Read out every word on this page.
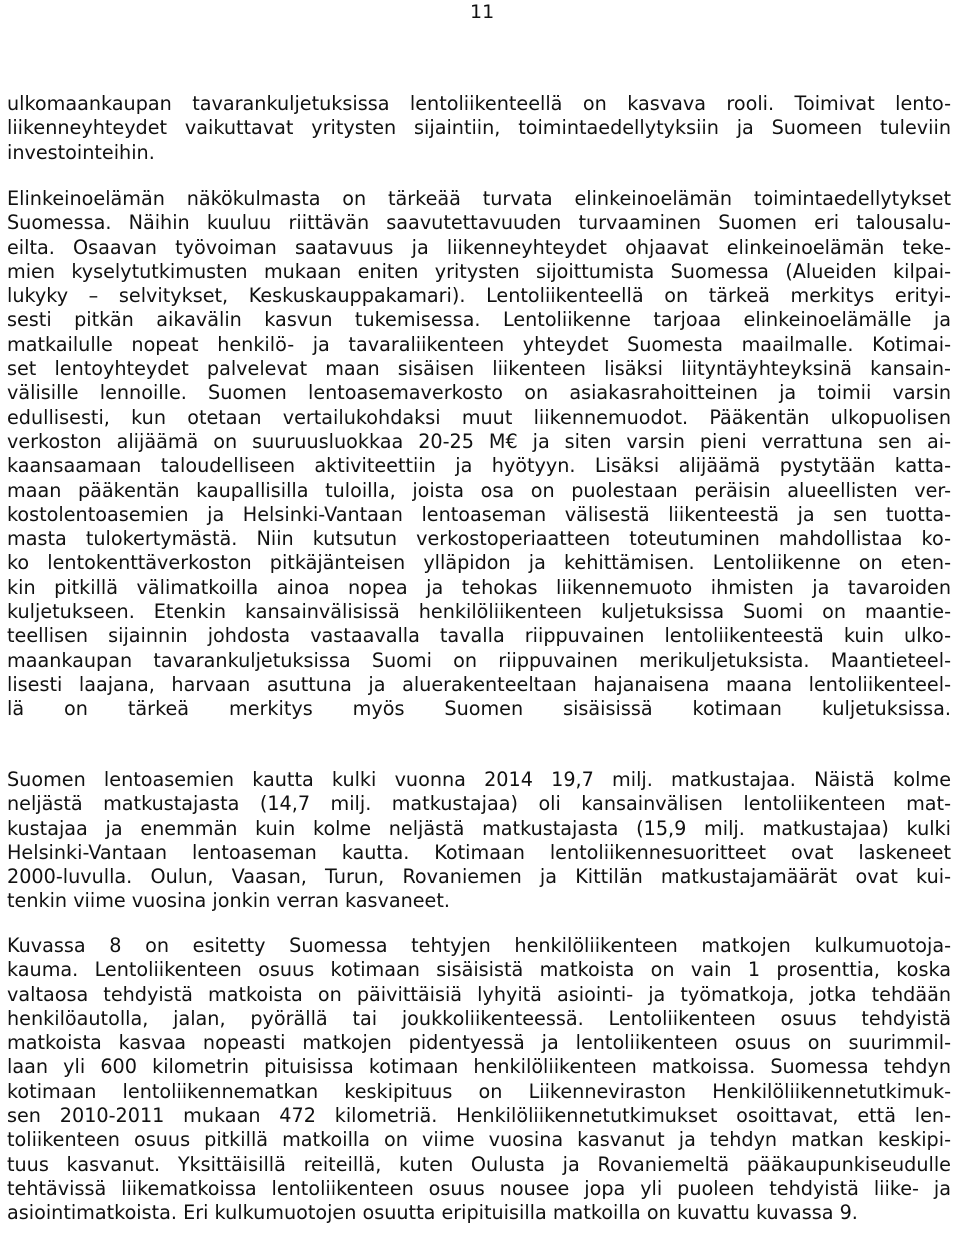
11
ulkomaankaupan tavarankuljetuksissa lentoliikenteellä on kasvava rooli. Toimivat lento-
liikenneyhteydet vaikuttavat yritysten sijaintiin, toimintaedellytyksiin ja Suomeen tuleviin
investointeihin.
Elinkeinoelämän näkökulmasta on tärkeää turvata elinkeinoelämän toimintaedellytykset
Suomessa. Näihin kuuluu riittävän saavutettavuuden turvaaminen Suomen eri talousalu-
eilta. Osaavan työvoiman saatavuus ja liikenneyhteydet ohjaavat elinkeinoelämän teke-
mien kyselytutkimusten mukaan eniten yritysten sijoittumista Suomessa (Alueiden kilpai-
lukyky – selvitykset, Keskuskauppakamari). Lentoliikenteellä on tärkeä merkitys erityi-
sesti pitkän aikavälin kasvun tukemisessa. Lentoliikenne tarjoaa elinkeinoelämälle ja
matkailulle nopeat henkilö- ja tavaraliikenteen yhteydet Suomesta maailmalle. Kotimai-
set lentoyhteydet palvelevat maan sisäisen liikenteen lisäksi liityntäyhteyksinä kansain-
välisille lennoille. Suomen lentoasemaverkosto on asiakasrahoitteinen ja toimii varsin
edullisesti, kun otetaan vertailukohdaksi muut liikennemuodot. Pääkentän ulkopuolisen
verkoston alijäämä on suuruusluokkaa 20-25 M€ ja siten varsin pieni verrattuna sen ai-
kaansaamaan taloudelliseen aktiviteettiin ja hyötyyn. Lisäksi alijäämä pystytään katta-
maan pääkentän kaupallisilla tuloilla, joista osa on puolestaan peräisin alueellisten ver-
kostolentoasemien ja Helsinki-Vantaan lentoaseman välisestä liikenteestä ja sen tuotta-
masta tulokertymästä. Niin kutsutun verkostoperiaatteen toteutuminen mahdollistaa ko-
ko lentokenttäverkoston pitkäjänteisen ylläpidon ja kehittämisen. Lentoliikenne on eten-
kin pitkillä välimatkoilla ainoa nopea ja tehokas liikennemuoto ihmisten ja tavaroiden
kuljetukseen. Etenkin kansainvälisissä henkilöliikenteen kuljetuksissa Suomi on maantie-
teellisen sijainnin johdosta vastaavalla tavalla riippuvainen lentoliikenteestä kuin ulko-
maankaupan tavarankuljetuksissa Suomi on riippuvainen merikuljetuksista. Maantieteel-
lisesti laajana, harvaan asuttuna ja aluerakenteeltaan hajanaisena maana lentoliikenteel-
lä on tärkeä merkitys myös Suomen sisäisissä kotimaan kuljetuksissa.
Suomen lentoasemien kautta kulki vuonna 2014 19,7 milj. matkustajaa. Näistä kolme
neljästä matkustajasta (14,7 milj. matkustajaa) oli kansainvälisen lentoliikenteen mat-
kustajaa ja enemmän kuin kolme neljästä matkustajasta (15,9 milj. matkustajaa) kulki
Helsinki-Vantaan lentoaseman kautta. Kotimaan lentoliikennesuoritteet ovat laskeneet
2000-luvulla. Oulun, Vaasan, Turun, Rovaniemen ja Kittilän matkustajamäärät ovat kui-
tenkin viime vuosina jonkin verran kasvaneet.
Kuvassa 8 on esitetty Suomessa tehtyjen henkilöliikenteen matkojen kulkumuotoja-
kauma. Lentoliikenteen osuus kotimaan sisäisistä matkoista on vain 1 prosenttia, koska
valtaosa tehdyistä matkoista on päivittäisiä lyhyitä asiointi- ja työmatkoja, jotka tehdään
henkilöautolla, jalan, pyörällä tai joukkoliikenteessä. Lentoliikenteen osuus tehdyistä
matkoista kasvaa nopeasti matkojen pidentyessä ja lentoliikenteen osuus on suurimmil-
laan yli 600 kilometrin pituisissa kotimaan henkilöliikenteen matkoissa. Suomessa tehdyn
kotimaan lentoliikennematkan keskipituus on Liikenneviraston Henkilöliikennetutkimuk-
sen 2010-2011 mukaan 472 kilometriä. Henkilöliikennetutkimukset osoittavat, että len-
toliikenteen osuus pitkillä matkoilla on viime vuosina kasvanut ja tehdyn matkan keskipi-
tuus kasvanut. Yksittäisillä reiteillä, kuten Oulusta ja Rovaniemeltä pääkaupunkiseudulle
tehtävissä liikematkoissa lentoliikenteen osuus nousee jopa yli puoleen tehdyistä liike- ja
asiointimatkoista. Eri kulkumuotojen osuutta eripituisilla matkoilla on kuvattu kuvassa 9.
